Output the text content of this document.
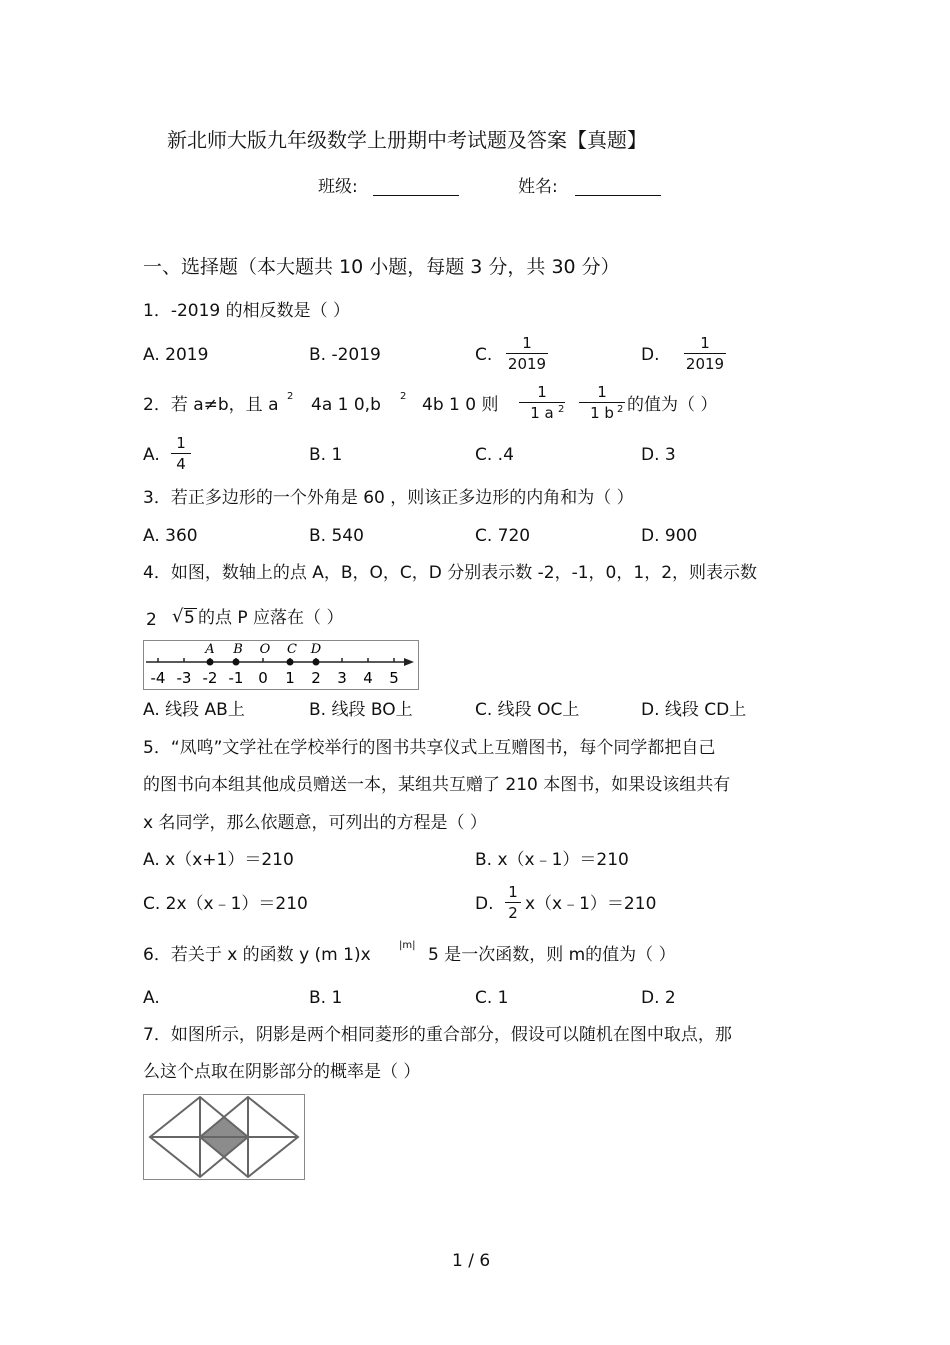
新北师大版九年级数学上册期中考试题及答案【真题】
班级:	姓名:
一、选择题（本大题共 10 小题，每题 3 分，共 30 分）
1．-2019 的相反数是（ ）
A. 2019	B. -2019	C.
1
2019	D.
1
2019
2．若 a≠b，且 a 2 4a 1 0,b 2 4b 1 0 则
1
1 a 2
1
1 b 2 的值为（ ）
A.
1
4	B. 1	C. .4	D. 3
3．若正多边形的一个外角是 60 ，则该正多边形的内角和为（ ）
A. 360	B. 540	C. 720	D. 900
4．如图，数轴上的点 A，B，O，C，D 分别表示数 -2，-1，0，1，2，则表示数
2 √ 5 的点 P 应落在（ ）
A B O C D
-4 -3 -2 -1 0 1 2 3 4 5
A. 线段 AB上	B. 线段 BO上	C. 线段 OC上	D. 线段 CD上
5．“凤鸣”文学社在学校举行的图书共享仪式上互赠图书，每个同学都把自己
的图书向本组其他成员赠送一本，某组共互赠了 210 本图书，如果设该组共有
x 名同学，那么依题意，可列出的方程是（ ）
A. x（x+1）＝210	B. x（x﹣1）＝210
C. 2x（x﹣1）＝210	D.
1
2 x（x﹣1）＝210
6．若关于 x 的函数 y (m 1)x	|m| 5 是一次函数，则 m的值为（ ）
A.	B. 1	C. 1	D. 2
7．如图所示，阴影是两个相同菱形的重合部分，假设可以随机在图中取点，那
么这个点取在阴影部分的概率是（ ）
1 / 6
